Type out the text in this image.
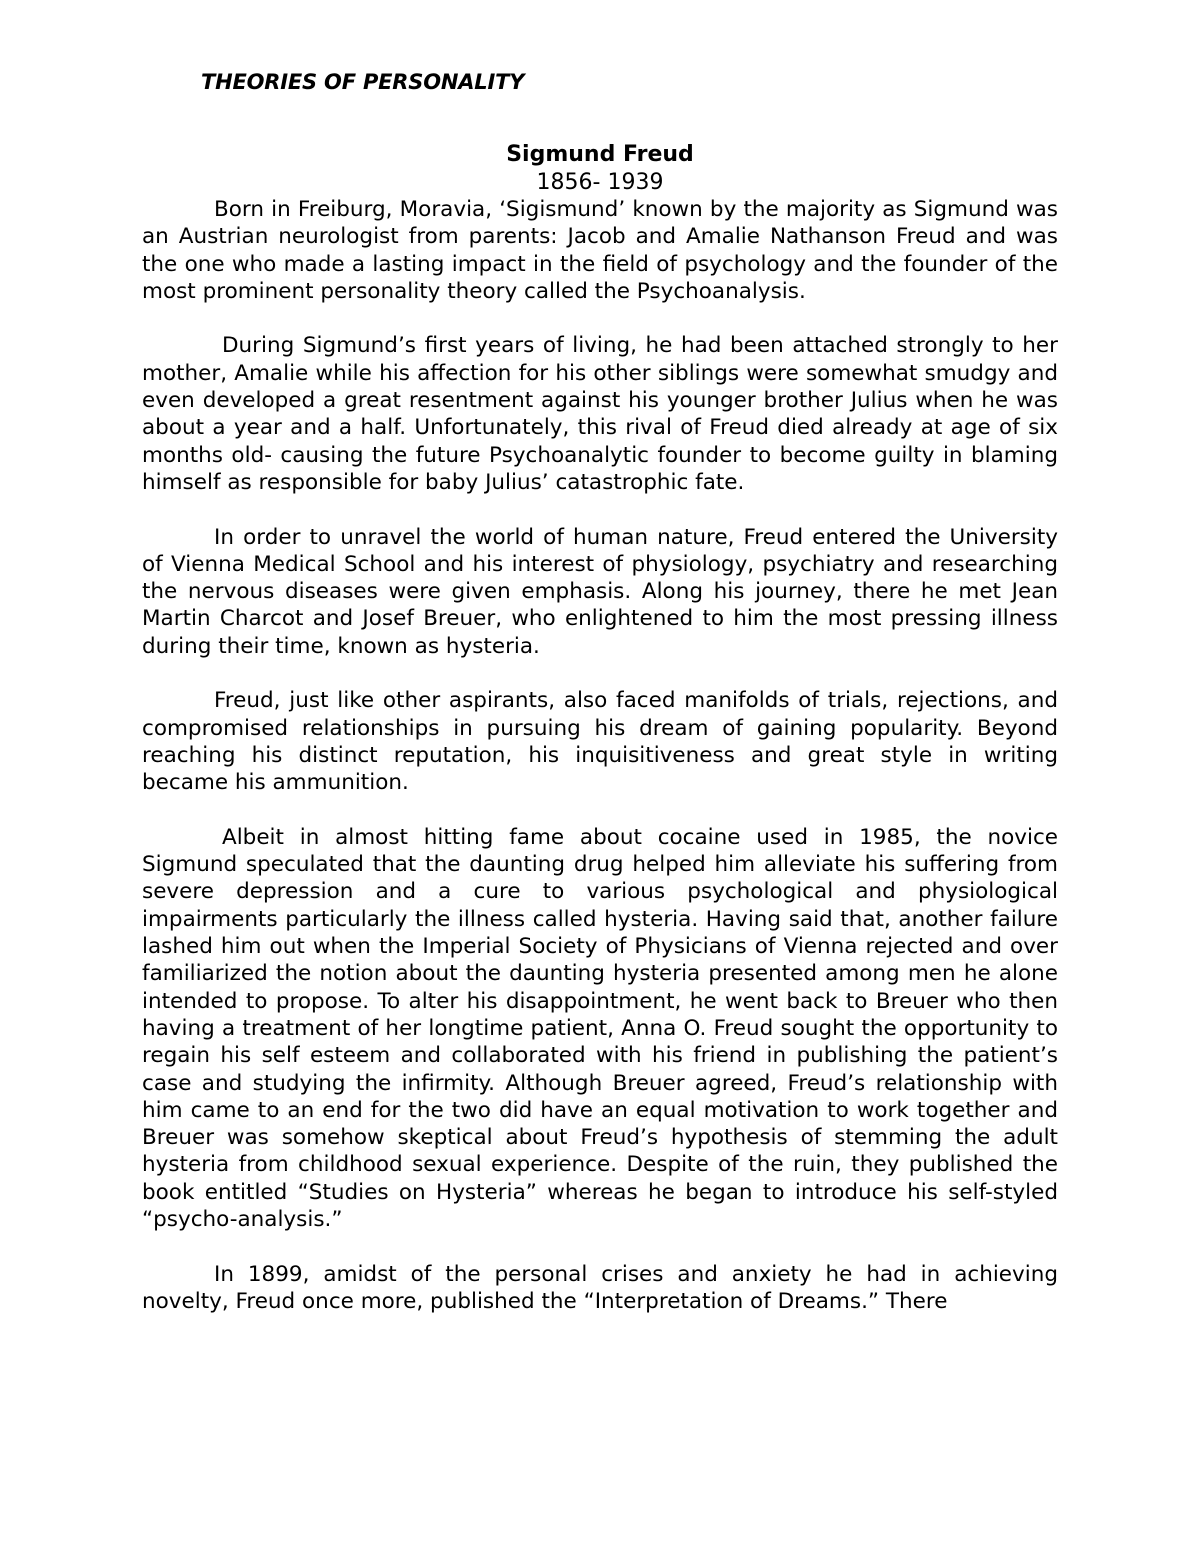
THEORIES OF PERSONALITY
Sigmund Freud
1856- 1939

Born in Freiburg, Moravia, ‘Sigismund’ known by the majority as Sigmund was an Austrian neurologist from parents: Jacob and Amalie Nathanson Freud and was the one who made a lasting impact in the field of psychology and the founder of the most prominent personality theory called the Psychoanalysis.

During Sigmund’s first years of living, he had been attached strongly to her mother, Amalie while his affection for his other siblings were somewhat smudgy and even developed a great resentment against his younger brother Julius when he was about a year and a half. Unfortunately, this rival of Freud died already at age of six months old- causing the future Psychoanalytic founder to become guilty in blaming himself as responsible for baby Julius’ catastrophic fate.

In order to unravel the world of human nature, Freud entered the University of Vienna Medical School and his interest of physiology, psychiatry and researching the nervous diseases were given emphasis. Along his journey, there he met Jean Martin Charcot and Josef Breuer, who enlightened to him the most pressing illness during their time, known as hysteria.

Freud, just like other aspirants, also faced manifolds of trials, rejections, and compromised relationships in pursuing his dream of gaining popularity. Beyond reaching his distinct reputation, his inquisitiveness and great style in writing became his ammunition.

Albeit in almost hitting fame about cocaine used in 1985, the novice Sigmund speculated that the daunting drug helped him alleviate his suffering from severe depression and a cure to various psychological and physiological impairments particularly the illness called hysteria. Having said that, another failure lashed him out when the Imperial Society of Physicians of Vienna rejected and over familiarized the notion about the daunting hysteria presented among men he alone intended to propose. To alter his disappointment, he went back to Breuer who then having a treatment of her longtime patient, Anna O. Freud sought the opportunity to regain his self esteem and collaborated with his friend in publishing the patient’s case and studying the infirmity. Although Breuer agreed, Freud’s relationship with him came to an end for the two did have an equal motivation to work together and Breuer was somehow skeptical about Freud’s hypothesis of stemming the adult hysteria from childhood sexual experience. Despite of the ruin, they published the book entitled “Studies on Hysteria” whereas he began to introduce his self-styled “psycho-analysis.”

In 1899, amidst of the personal crises and anxiety he had in achieving novelty, Freud once more, published the “Interpretation of Dreams.” There
